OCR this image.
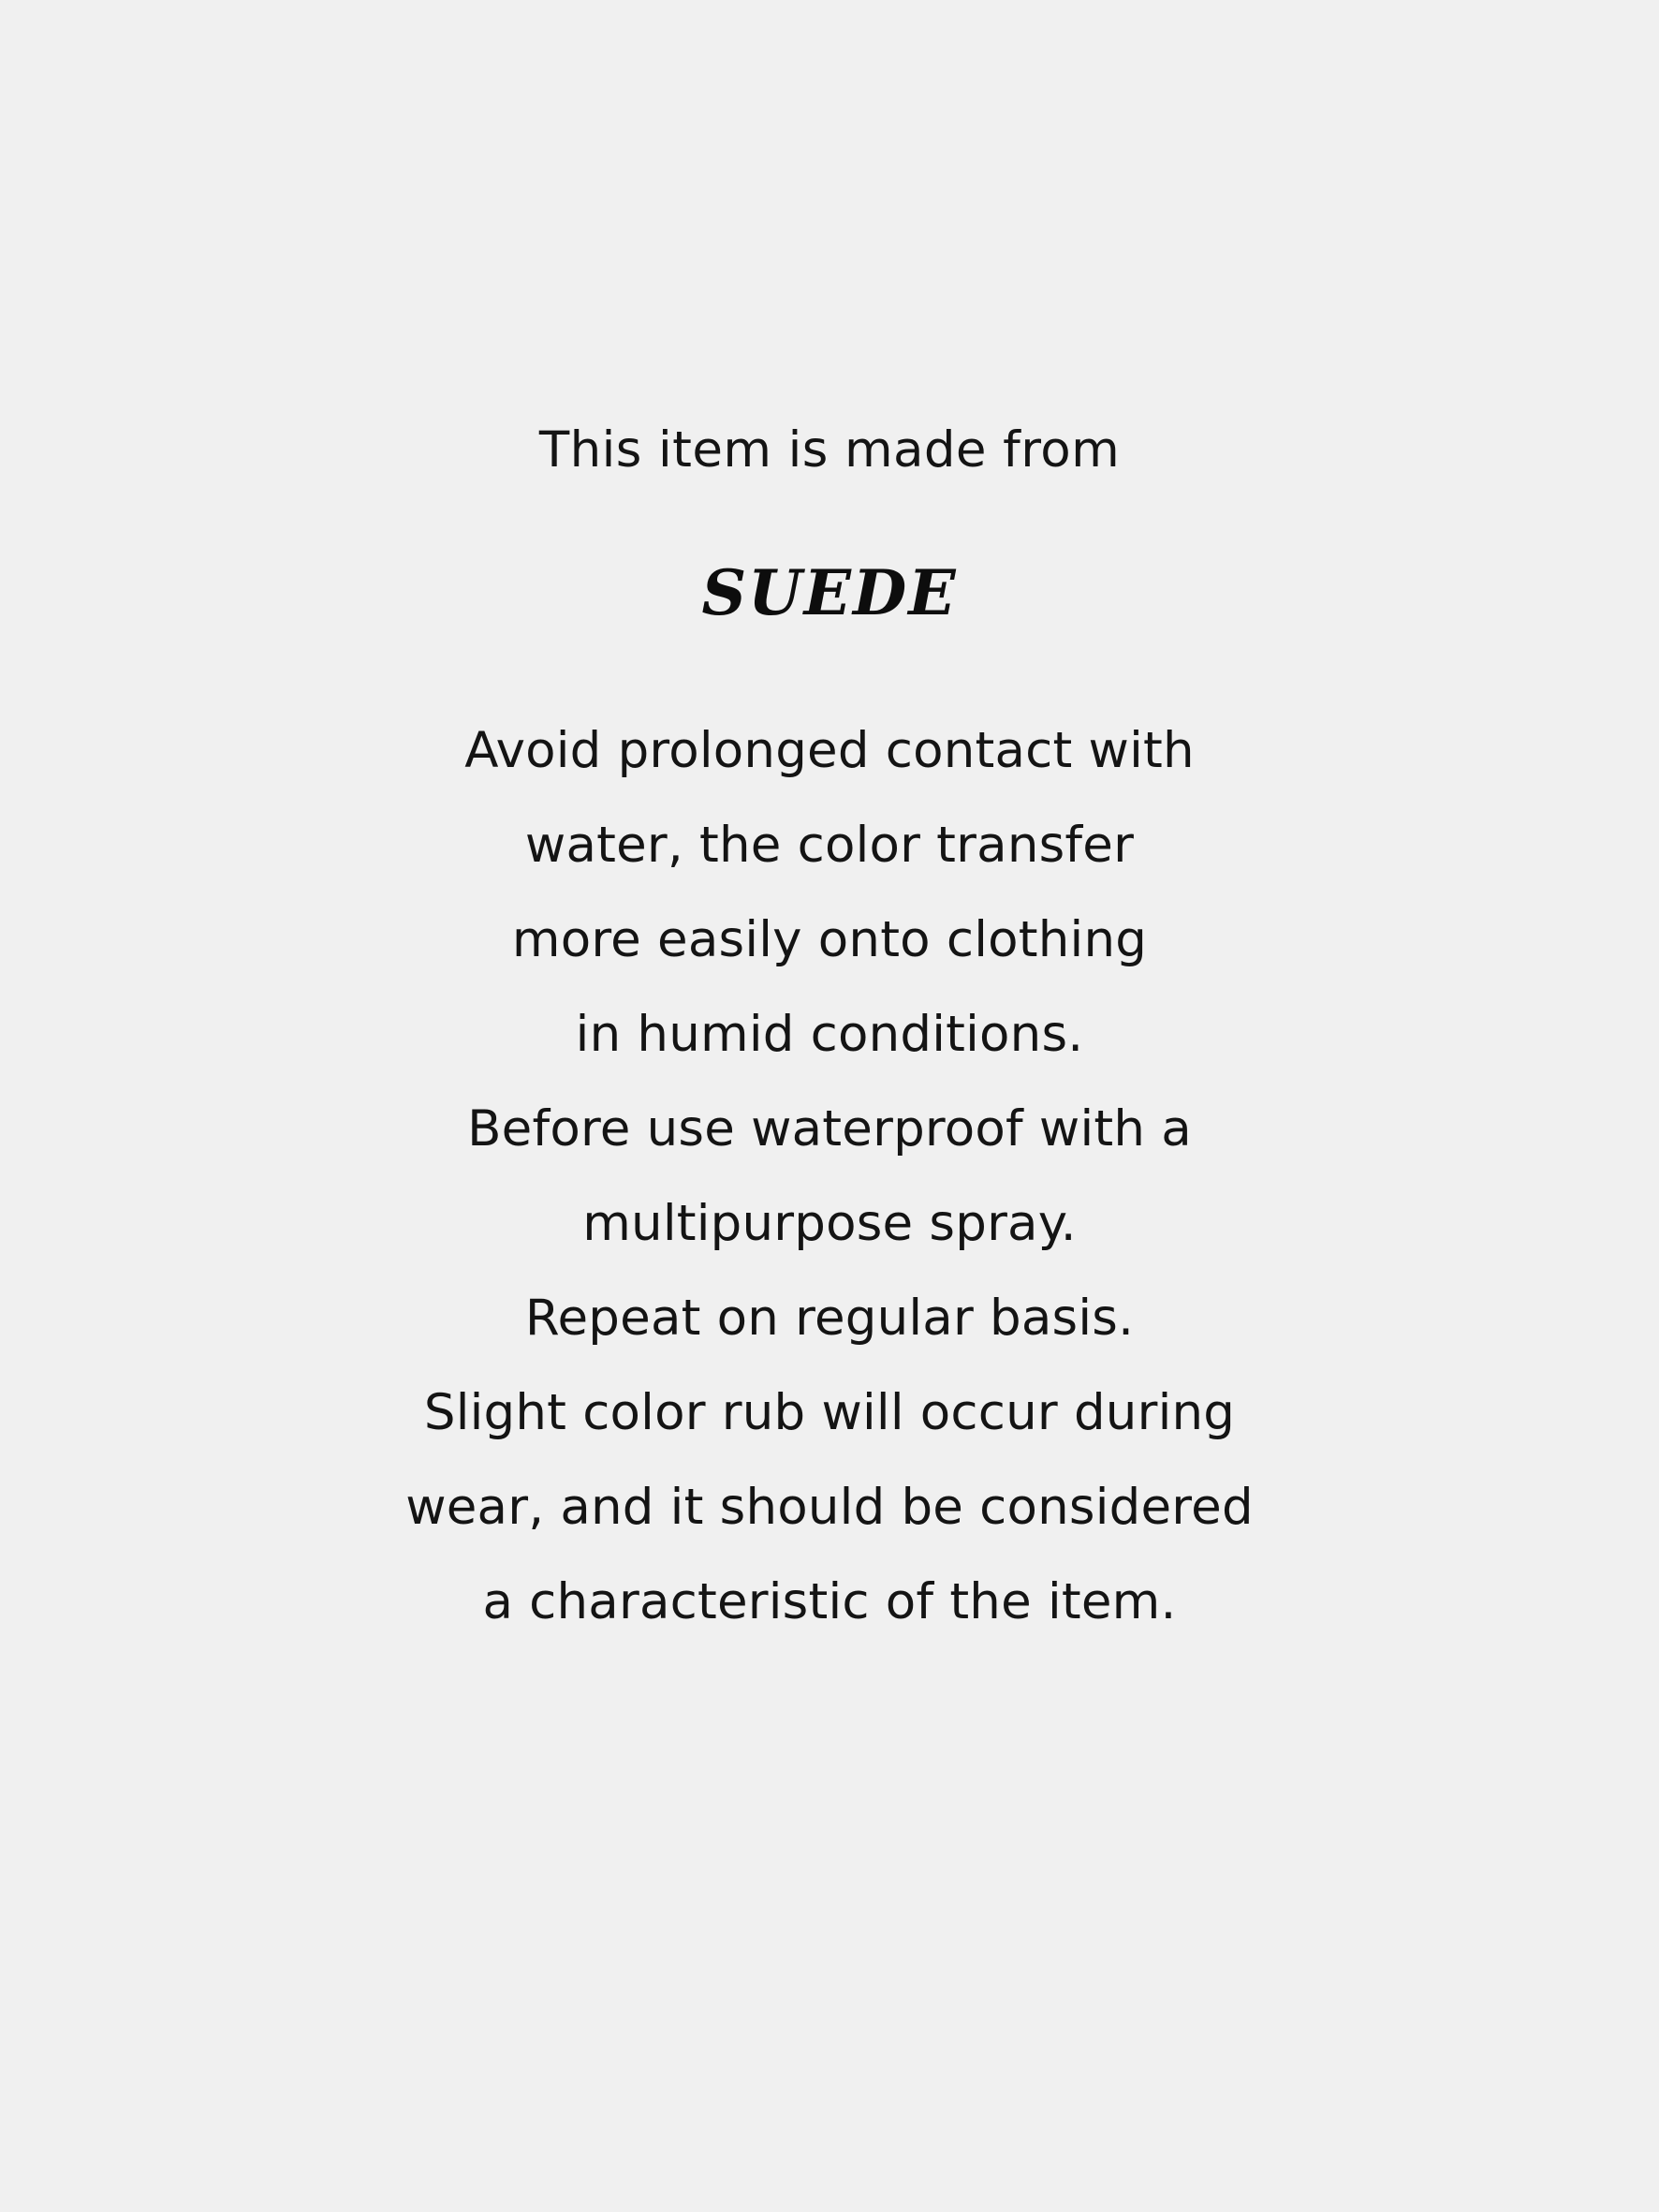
This item is made from

SUEDE

Avoid prolonged contact with
water, the color transfer
more easily onto clothing
in humid conditions.
Before use waterproof with a
multipurpose spray.
Repeat on regular basis.
Slight color rub will occur during
wear, and it should be considered
a characteristic of the item.
